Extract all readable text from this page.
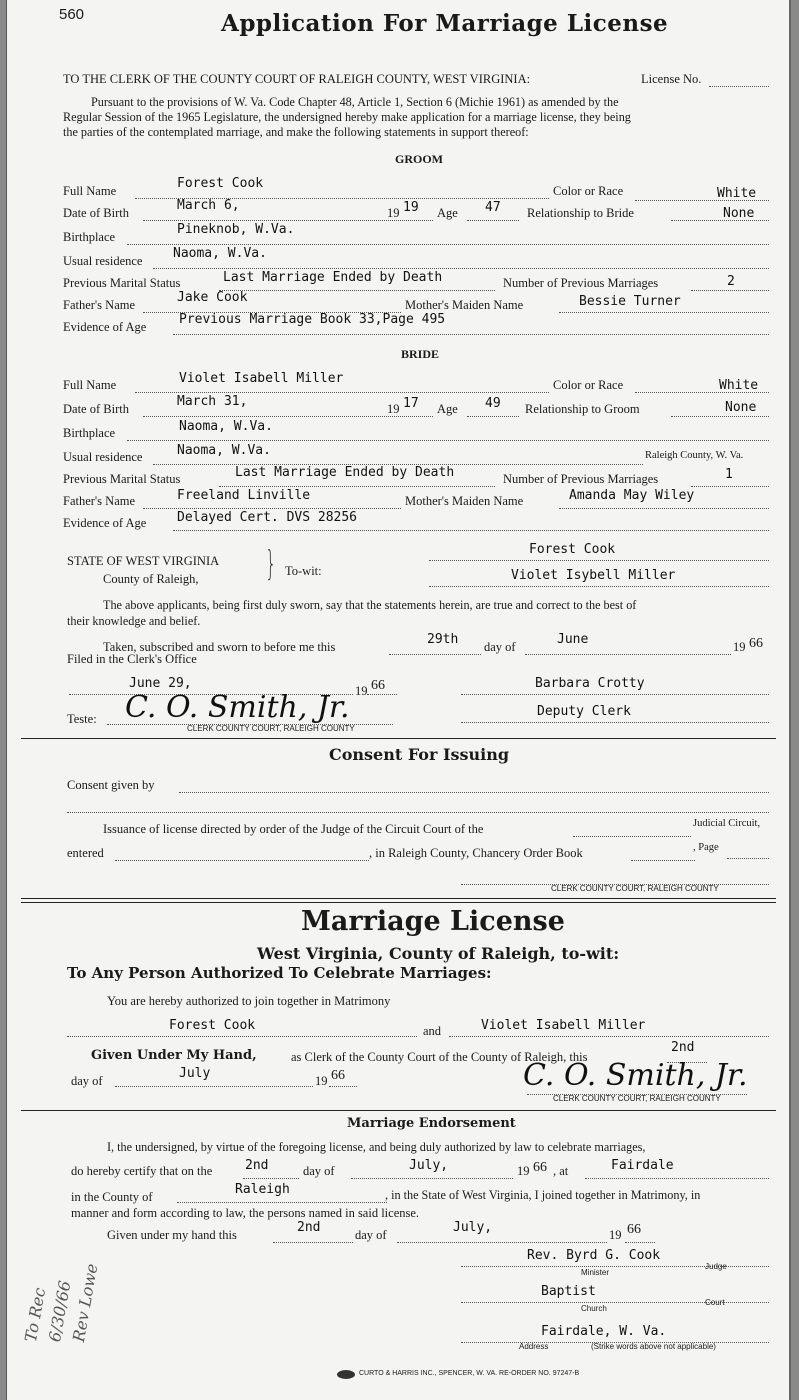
560	Application For Marriage License
TO THE CLERK OF THE COUNTY COURT OF RALEIGH COUNTY, WEST VIRGINIA:	License No.
Pursuant to the provisions of W. Va. Code Chapter 48, Article 1, Section 6 (Michie 1961) as amended by the
Regular Session of the 1965 Legislature, the undersigned hereby make application for a marriage license, they being
the parties of the contemplated marriage, and make the following statements in support thereof:
GROOM
Full Name	Forest Cook	Color or Race	White
Date of Birth	March 6,	19 19 Age 47 Relationship to Bride	None
Birthplace	Pineknob, W.Va.
Usual residence Naoma, W.Va.
Previous Marital Status	Last Marriage Ended by Death	Number of Previous Marriages	2
Father's Name	Jake Cook	Mother's Maiden Name	Bessie Turner
Evidence of Age	Previous Marriage Book 33,Page 495
BRIDE
Full Name	Violet Isabell Miller	Color or Race	White
Date of Birth	March 31,	19 17 Age 49 Relationship to Groom	None
Birthplace	Naoma, W.Va.
Usual residence	Naoma, W.Va.	Raleigh County, W. Va.
Previous Marital Status	Last Marriage Ended by Death	Number of Previous Marriages	1
Father's Name	Freeland Linville	Mother's Maiden Name	Amanda May Wiley
Evidence of Age Delayed Cert. DVS 28256
STATE OF WEST VIRGINIA
County of Raleigh, } To-wit:
Forest Cook
Violet Isybell Miller
The above applicants, being first duly sworn, say that the statements herein, are true and correct to the best of
their knowledge and belief.
Taken, subscribed and sworn to before me this	29th day of	June	19 66
Filed in the Clerk's Office
June 29,	19 66	Barbara Crotty
Teste: C. O. Smith, Jr.
CLERK COUNTY COURT, RALEIGH COUNTY
Deputy Clerk
Consent For Issuing
Consent given by
Issuance of license directed by order of the Judge of the Circuit Court of the	Judicial Circuit,
entered	, in Raleigh County, Chancery Order Book	, Page
CLERK COUNTY COURT, RALEIGH COUNTY
Marriage License
West Virginia, County of Raleigh, to-wit:
To Any Person Authorized To Celebrate Marriages:
You are hereby authorized to join together in Matrimony
Forest Cook	and	Violet Isabell Miller
Given Under My Hand,	as Clerk of the County Court of the County of Raleigh, this
2nd
day of	July	19 66	C. O. Smith, Jr.
CLERK COUNTY COURT, RALEIGH COUNTY
Marriage Endorsement
I, the undersigned, by virtue of the foregoing license, and being duly authorized by law to celebrate marriages,
do hereby certify that on the	2nd	day of	July,	19 66 , at	Fairdale
in the County of	Raleigh	, in the State of West Virginia, I joined together in Matrimony, in
manner and form according to law, the persons named in said license.
Given under my hand this	2nd	day of	July,	19 66
Rev. Byrd G. Cook
Minister
Judge
Baptist
Church
Court
Fairdale, W. Va.
Address	(Strike words above not applicable)
To Rec
6/30/66
Rev Lowe
CURTO & HARRIS INC., SPENCER, W. VA. RE-ORDER NO. 97247-B
